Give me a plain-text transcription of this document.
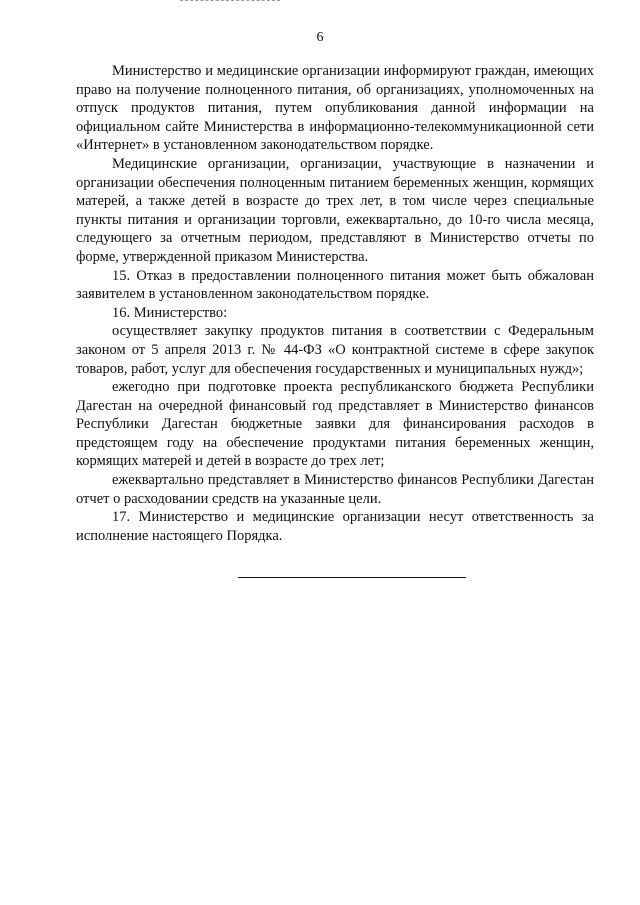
6

Министерство и медицинские организации информируют граждан, имеющих право на получение полноценного питания, об организациях, уполномоченных на отпуск продуктов питания, путем опубликования данной информации на официальном сайте Министерства в информационно-телекоммуникационной сети «Интернет» в установленном законодательством порядке.

Медицинские организации, организации, участвующие в назначении и организации обеспечения полноценным питанием беременных женщин, кормящих матерей, а также детей в возрасте до трех лет, в том числе через специальные пункты питания и организации торговли, ежеквартально, до 10-го числа месяца, следующего за отчетным периодом, представляют в Министерство отчеты по форме, утвержденной приказом Министерства.

15. Отказ в предоставлении полноценного питания может быть обжалован заявителем в установленном законодательством порядке.

16. Министерство:

осуществляет закупку продуктов питания в соответствии с Федеральным законом от 5 апреля 2013 г. № 44-ФЗ «О контрактной системе в сфере закупок товаров, работ, услуг для обеспечения государственных и муниципальных нужд»;

ежегодно при подготовке проекта республиканского бюджета Республики Дагестан на очередной финансовый год представляет в Министерство финансов Республики Дагестан бюджетные заявки для финансирования расходов в предстоящем году на обеспечение продуктами питания беременных женщин, кормящих матерей и детей в возрасте до трех лет;

ежеквартально представляет в Министерство финансов Республики Дагестан отчет о расходовании средств на указанные цели.

17. Министерство и медицинские организации несут ответственность за исполнение настоящего Порядка.
